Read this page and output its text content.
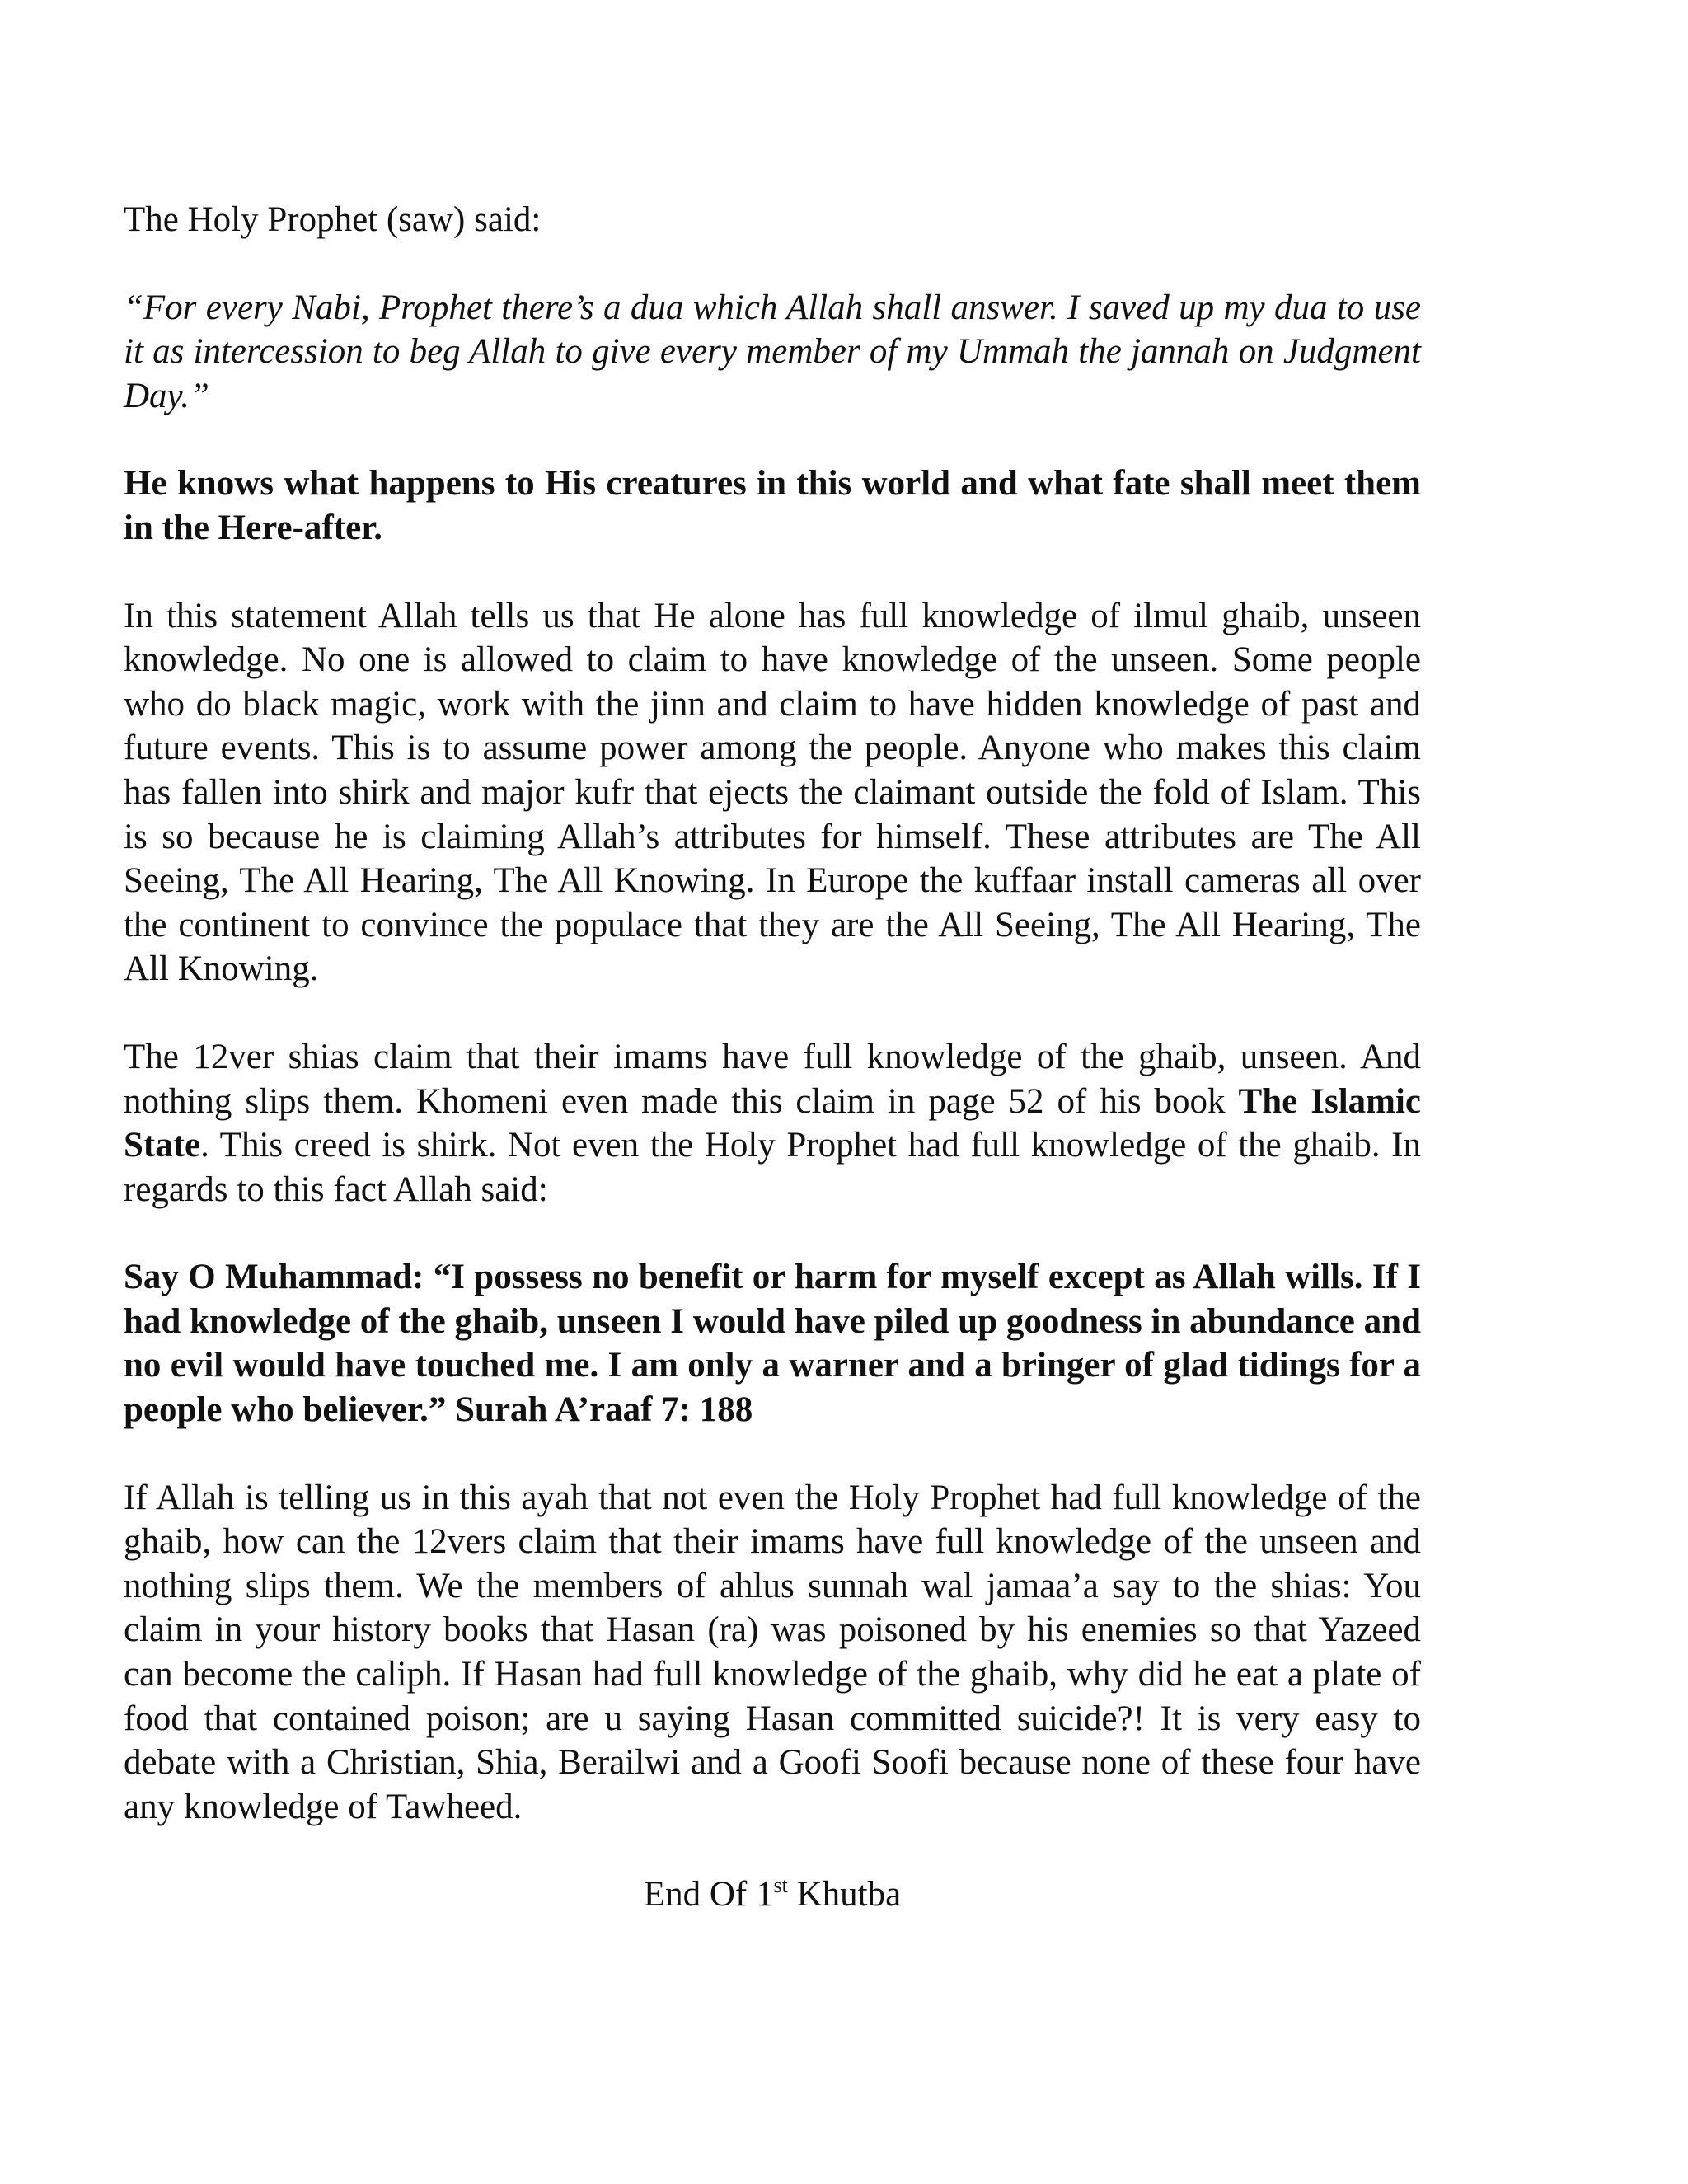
The Holy Prophet (saw) said:

“For every Nabi, Prophet there’s a dua which Allah shall answer. I saved up my dua to use it as intercession to beg Allah to give every member of my Ummah the jannah on Judgment Day.”

He knows what happens to His creatures in this world and what fate shall meet them in the Here-after.

In this statement Allah tells us that He alone has full knowledge of ilmul ghaib, unseen knowledge. No one is allowed to claim to have knowledge of the unseen. Some people who do black magic, work with the jinn and claim to have hidden knowledge of past and future events. This is to assume power among the people. Anyone who makes this claim has fallen into shirk and major kufr that ejects the claimant outside the fold of Islam. This is so because he is claiming Allah’s attributes for himself. These attributes are The All Seeing, The All Hearing, The All Knowing. In Europe the kuffaar install cameras all over the continent to convince the populace that they are the All Seeing, The All Hearing, The All Knowing.

The 12ver shias claim that their imams have full knowledge of the ghaib, unseen. And nothing slips them. Khomeni even made this claim in page 52 of his book The Islamic State. This creed is shirk. Not even the Holy Prophet had full knowledge of the ghaib. In regards to this fact Allah said:

Say O Muhammad: “I possess no benefit or harm for myself except as Allah wills. If I had knowledge of the ghaib, unseen I would have piled up goodness in abundance and no evil would have touched me. I am only a warner and a bringer of glad tidings for a people who believer.” Surah A’raaf 7: 188

If Allah is telling us in this ayah that not even the Holy Prophet had full knowledge of the ghaib, how can the 12vers claim that their imams have full knowledge of the unseen and nothing slips them. We the members of ahlus sunnah wal jamaa’a say to the shias: You claim in your history books that Hasan (ra) was poisoned by his enemies so that Yazeed can become the caliph. If Hasan had full knowledge of the ghaib, why did he eat a plate of food that contained poison; are u saying Hasan committed suicide?! It is very easy to debate with a Christian, Shia, Berailwi and a Goofi Soofi because none of these four have any knowledge of Tawheed.

End Of 1st Khutba
